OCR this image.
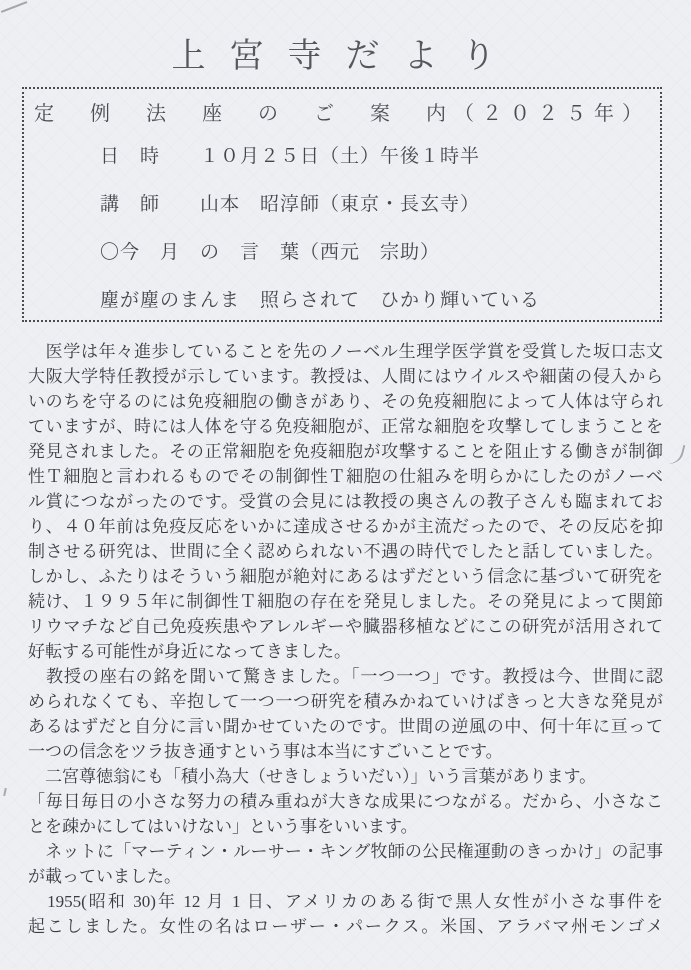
上宮寺だより
定　例　法　座　の　ご　案　内（２０２５年）
日　時　　１０月２５日（土）午後１時半
講　師　　山本　昭淳師（東京・長玄寺）
〇今　月　の　言　葉（西元　宗助）
塵が塵のまんま　照らされて　ひかり輝いている
　医学は年々進歩していることを先のノーベル生理学医学賞を受賞した坂口志文
大阪大学特任教授が示しています。教授は、人間にはウイルスや細菌の侵入から
いのちを守るのには免疫細胞の働きがあり、その免疫細胞によって人体は守られ
ていますが、時には人体を守る免疫細胞が、正常な細胞を攻撃してしまうことを
発見されました。その正常細胞を免疫細胞が攻撃することを阻止する働きが制御
性Ｔ細胞と言われるものでその制御性Ｔ細胞の仕組みを明らかにしたのがノーベ
ル賞につながったのです。受賞の会見には教授の奥さんの教子さんも臨まれてお
り、４０年前は免疫反応をいかに達成させるかが主流だったので、その反応を抑
制させる研究は、世間に全く認められない不遇の時代でしたと話していました。
しかし、ふたりはそういう細胞が絶対にあるはずだという信念に基づいて研究を
続け、１９９５年に制御性Ｔ細胞の存在を発見しました。その発見によって関節
リウマチなど自己免疫疾患やアレルギーや臓器移植などにこの研究が活用されて
好転する可能性が身近になってきました。
　教授の座右の銘を聞いて驚きました。「一つ一つ」です。教授は今、世間に認
められなくても、辛抱して一つ一つ研究を積みかねていけばきっと大きな発見が
あるはずだと自分に言い聞かせていたのです。世間の逆風の中、何十年に亘って
一つの信念をツラ抜き通すという事は本当にすごいことです。
　二宮尊徳翁にも「積小為大（せきしょういだい）」いう言葉があります。
「毎日毎日の小さな努力の積み重ねが大きな成果につながる。だから、小さなこ
とを疎かにしてはいけない」という事をいいます。
　ネットに「マーティン・ルーサー・キング牧師の公民権運動のきっかけ」の記事
が載っていました。
　1955(昭和 30)年 12 月 1 日、アメリカのある街で黒人女性が小さな事件を
起こしました。女性の名はローザー・パークス。米国、アラバマ州モンゴメ
